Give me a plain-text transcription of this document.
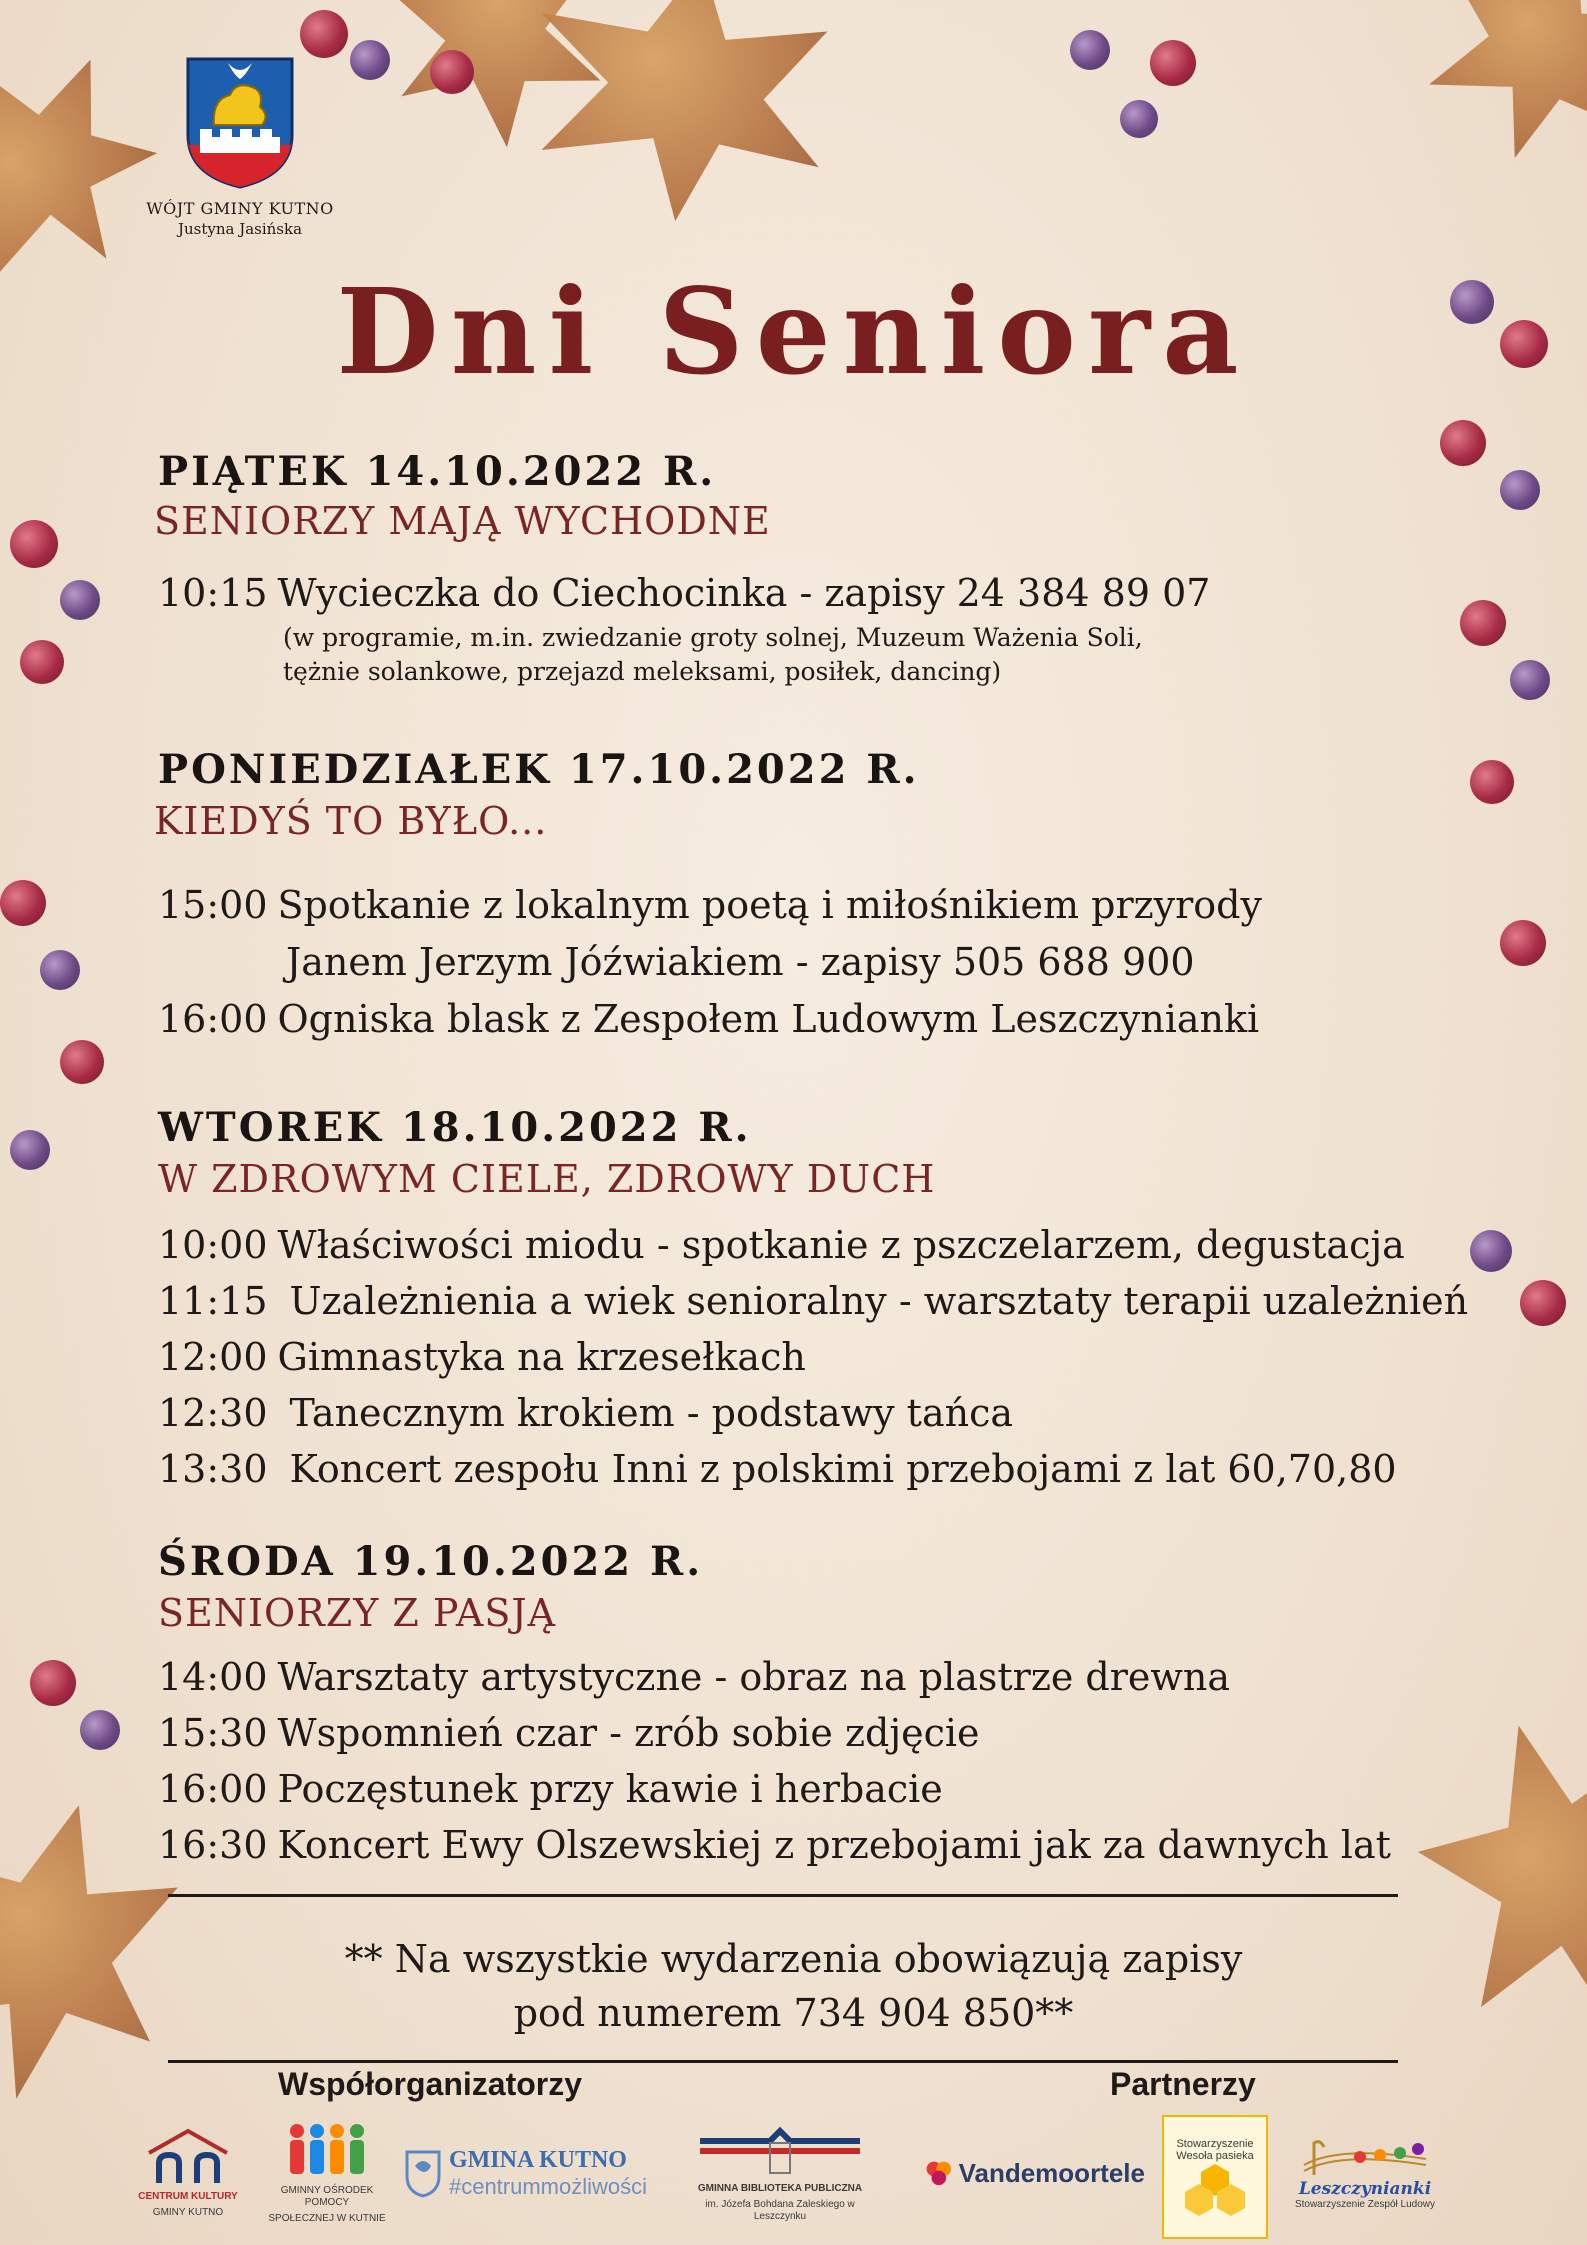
WÓJT GMINY KUTNO
Justyna Jasińska
Dni Seniora
PIĄTEK 14.10.2022 R.
SENIORZY MAJĄ WYCHODNE
10:15 Wycieczka do Ciechocinka - zapisy 24 384 89 07
(w programie, m.in. zwiedzanie groty solnej, Muzeum Ważenia Soli,
tężnie solankowe, przejazd meleksami, posiłek, dancing)
PONIEDZIAŁEK 17.10.2022 R.
KIEDYŚ TO BYŁO...
15:00 Spotkanie z lokalnym poetą i miłośnikiem przyrody
Janem Jerzym Jóźwiakiem - zapisy 505 688 900
16:00 Ogniska blask z Zespołem Ludowym Leszczynianki
WTOREK 18.10.2022 R.
W ZDROWYM CIELE, ZDROWY DUCH
10:00 Właściwości miodu - spotkanie z pszczelarzem, degustacja
11:15 Uzależnienia a wiek senioralny - warsztaty terapii uzależnień
12:00 Gimnastyka na krzesełkach
12:30 Tanecznym krokiem - podstawy tańca
13:30 Koncert zespołu Inni z polskimi przebojami z lat 60,70,80
ŚRODA 19.10.2022 R.
SENIORZY Z PASJĄ
14:00 Warsztaty artystyczne - obraz na plastrze drewna
15:30 Wspomnień czar - zrób sobie zdjęcie
16:00 Poczęstunek przy kawie i herbacie
16:30 Koncert Ewy Olszewskiej z przebojami jak za dawnych lat
** Na wszystkie wydarzenia obowiązują zapisy
pod numerem 734 904 850**
Współorganizatorzy	Partnerzy
CENTRUM KULTURY
GMINY KUTNO
GMINNY OŚRODEK POMOCY
SPOŁECZNEJ W KUTNIE
GMINA KUTNO
#centrummożliwości	GMINNA BIBLIOTEKA PUBLICZNA
im. Józefa Bohdana Zaleskiego w Leszczynku
Vandemoortele
Stowarzyszenie
Wesoła pasieka
Leszczynianki
Stowarzyszenie Zespół Ludowy
